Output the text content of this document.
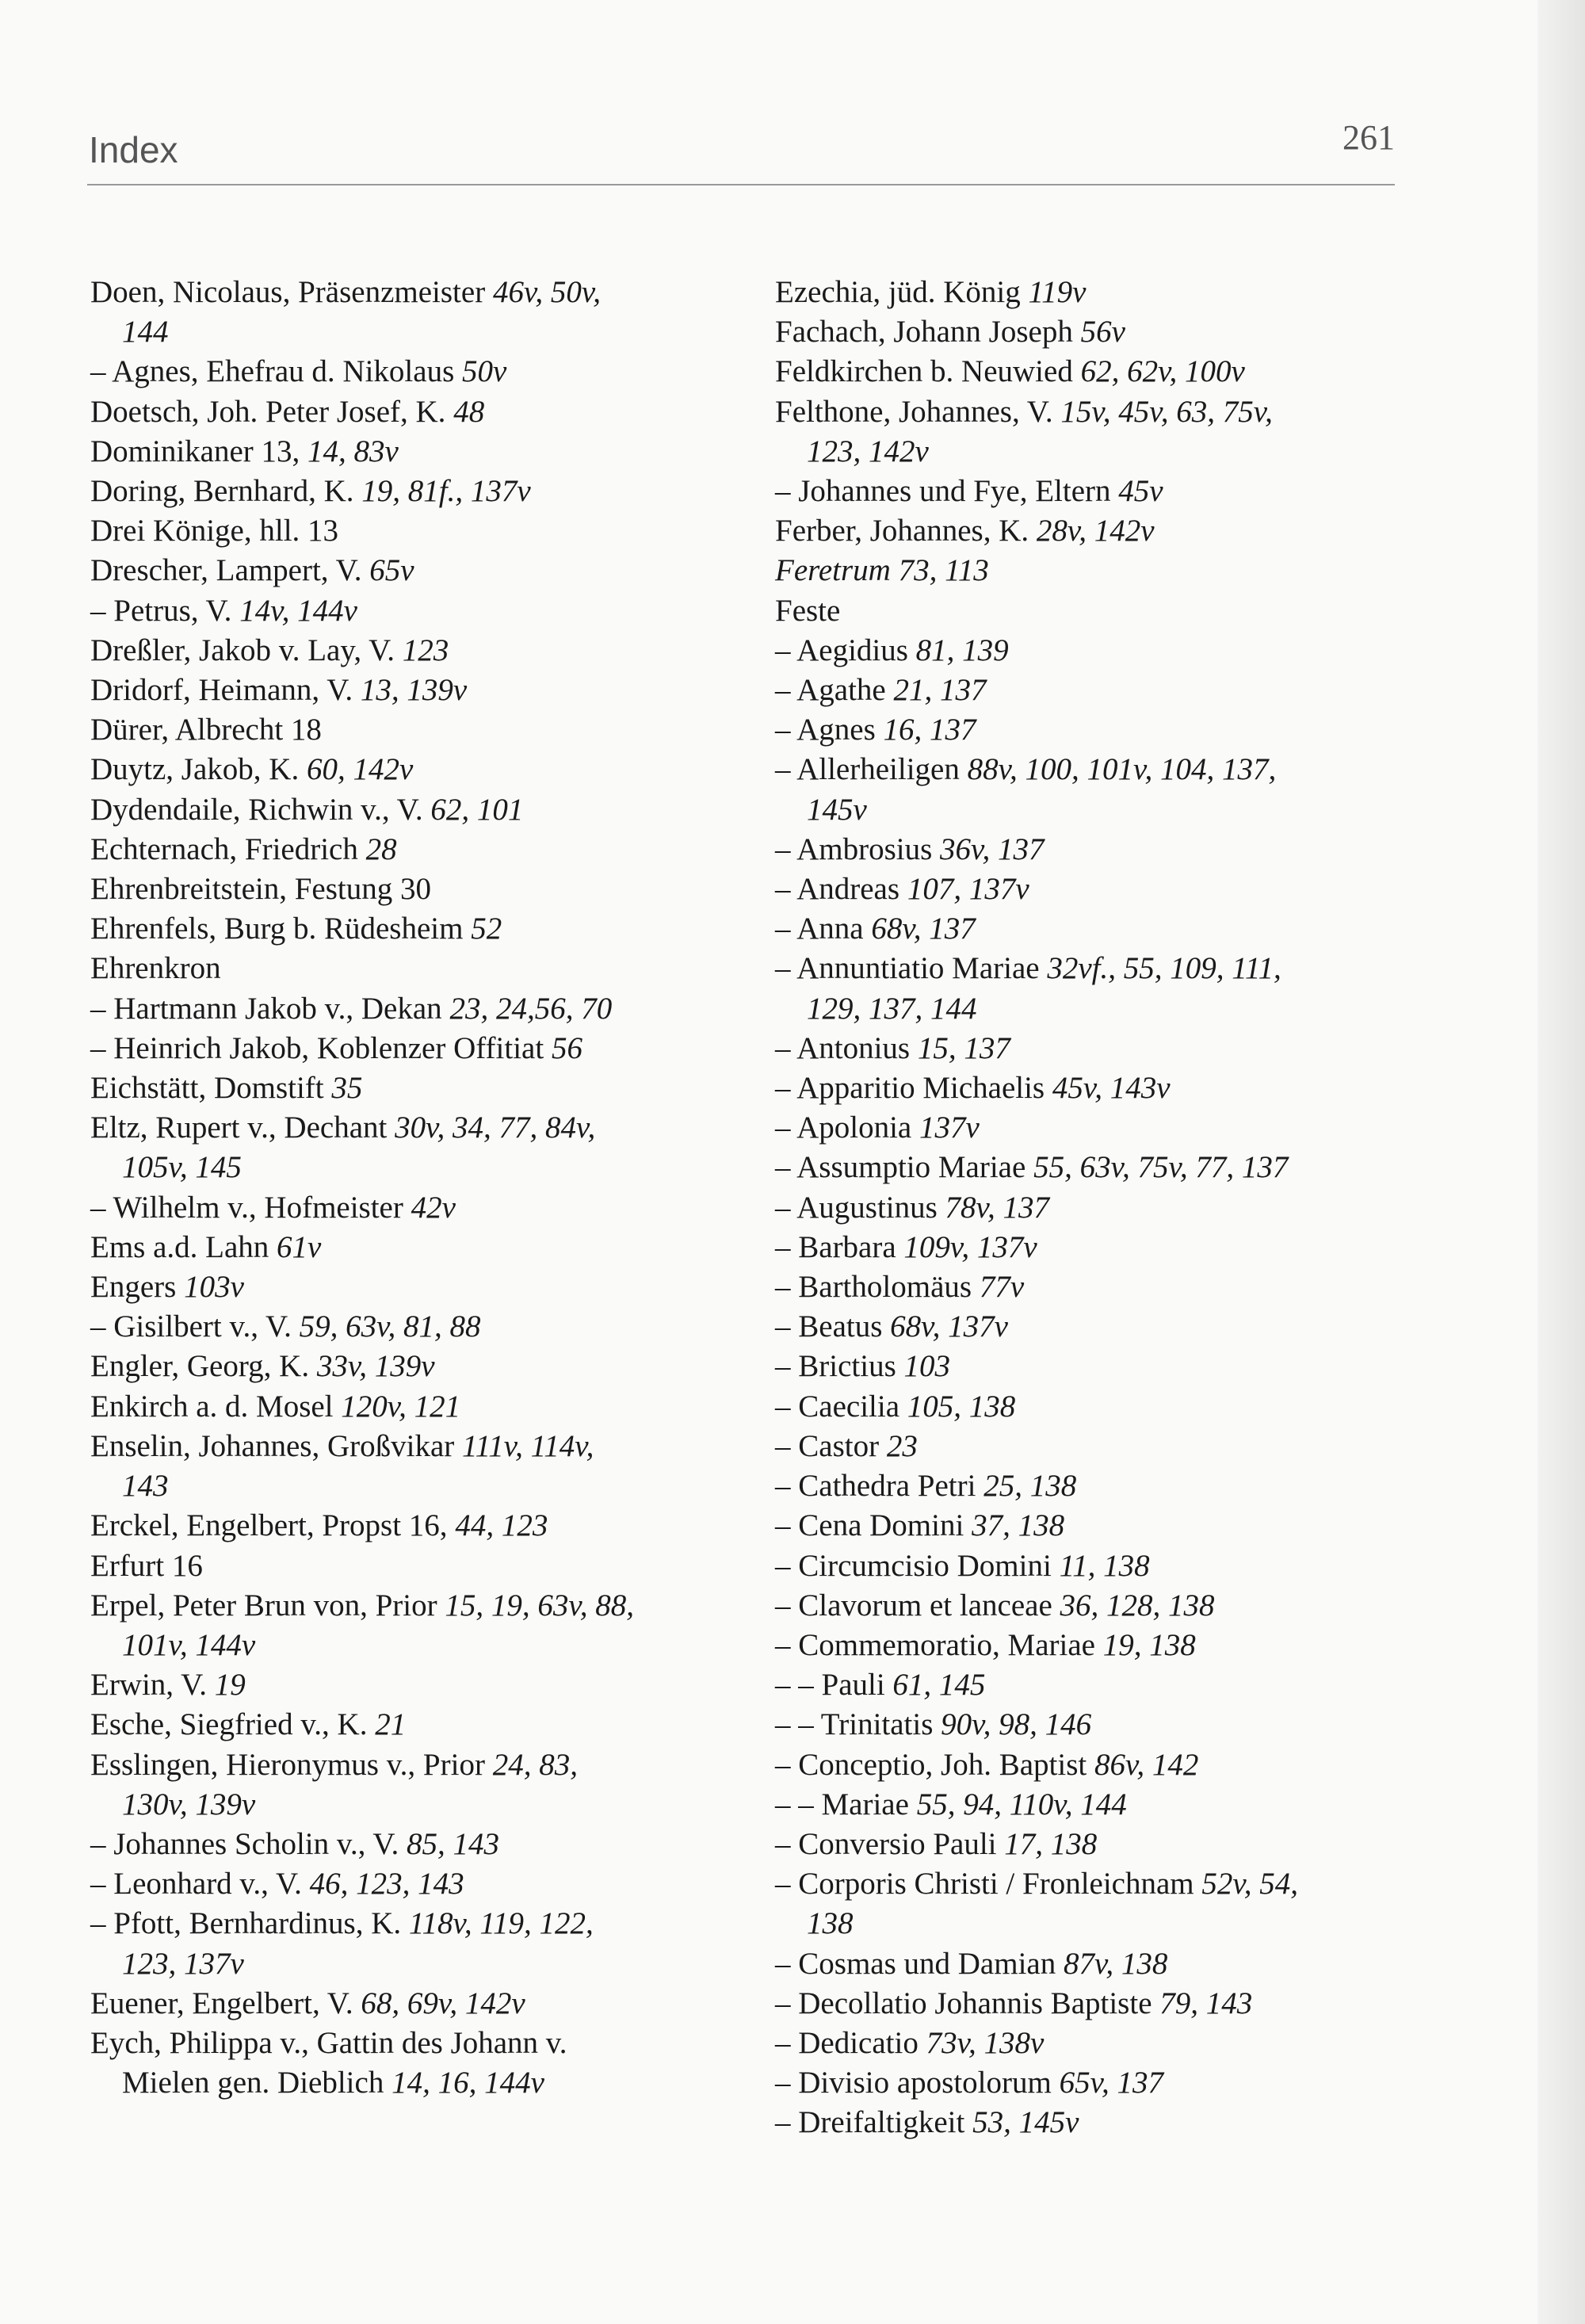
Index	261
Doen, Nicolaus, Präsenzmeister 46v, 50v,
144
– Agnes, Ehefrau d. Nikolaus 50v
Doetsch, Joh. Peter Josef, K. 48
Dominikaner 13, 14, 83v
Doring, Bernhard, K. 19, 81f., 137v
Drei Könige, hll. 13
Drescher, Lampert, V. 65v
– Petrus, V. 14v, 144v
Dreßler, Jakob v. Lay, V. 123
Dridorf, Heimann, V. 13, 139v
Dürer, Albrecht 18
Duytz, Jakob, K. 60, 142v
Dydendaile, Richwin v., V. 62, 101
Echternach, Friedrich 28
Ehrenbreitstein, Festung 30
Ehrenfels, Burg b. Rüdesheim 52
Ehrenkron
– Hartmann Jakob v., Dekan 23, 24,56, 70
– Heinrich Jakob, Koblenzer Offitiat 56
Eichstätt, Domstift 35
Eltz, Rupert v., Dechant 30v, 34, 77, 84v,
105v, 145
– Wilhelm v., Hofmeister 42v
Ems a.d. Lahn 61v
Engers 103v
– Gisilbert v., V. 59, 63v, 81, 88
Engler, Georg, K. 33v, 139v
Enkirch a. d. Mosel 120v, 121
Enselin, Johannes, Großvikar 111v, 114v,
143
Erckel, Engelbert, Propst 16, 44, 123
Erfurt 16
Erpel, Peter Brun von, Prior 15, 19, 63v, 88,
101v, 144v
Erwin, V. 19
Esche, Siegfried v., K. 21
Esslingen, Hieronymus v., Prior 24, 83,
130v, 139v
– Johannes Scholin v., V. 85, 143
– Leonhard v., V. 46, 123, 143
– Pfott, Bernhardinus, K. 118v, 119, 122,
123, 137v
Euener, Engelbert, V. 68, 69v, 142v
Eych, Philippa v., Gattin des Johann v.
Mielen gen. Dieblich 14, 16, 144v
Ezechia, jüd. König 119v
Fachach, Johann Joseph 56v
Feldkirchen b. Neuwied 62, 62v, 100v
Felthone, Johannes, V. 15v, 45v, 63, 75v,
123, 142v
– Johannes und Fye, Eltern 45v
Ferber, Johannes, K. 28v, 142v
Feretrum 73, 113
Feste
– Aegidius 81, 139
– Agathe 21, 137
– Agnes 16, 137
– Allerheiligen 88v, 100, 101v, 104, 137,
145v
– Ambrosius 36v, 137
– Andreas 107, 137v
– Anna 68v, 137
– Annuntiatio Mariae 32vf., 55, 109, 111,
129, 137, 144
– Antonius 15, 137
– Apparitio Michaelis 45v, 143v
– Apolonia 137v
– Assumptio Mariae 55, 63v, 75v, 77, 137
– Augustinus 78v, 137
– Barbara 109v, 137v
– Bartholomäus 77v
– Beatus 68v, 137v
– Brictius 103
– Caecilia 105, 138
– Castor 23
– Cathedra Petri 25, 138
– Cena Domini 37, 138
– Circumcisio Domini 11, 138
– Clavorum et lanceae 36, 128, 138
– Commemoratio, Mariae 19, 138
– – Pauli 61, 145
– – Trinitatis 90v, 98, 146
– Conceptio, Joh. Baptist 86v, 142
– – Mariae 55, 94, 110v, 144
– Conversio Pauli 17, 138
– Corporis Christi / Fronleichnam 52v, 54,
138
– Cosmas und Damian 87v, 138
– Decollatio Johannis Baptiste 79, 143
– Dedicatio 73v, 138v
– Divisio apostolorum 65v, 137
– Dreifaltigkeit 53, 145v
